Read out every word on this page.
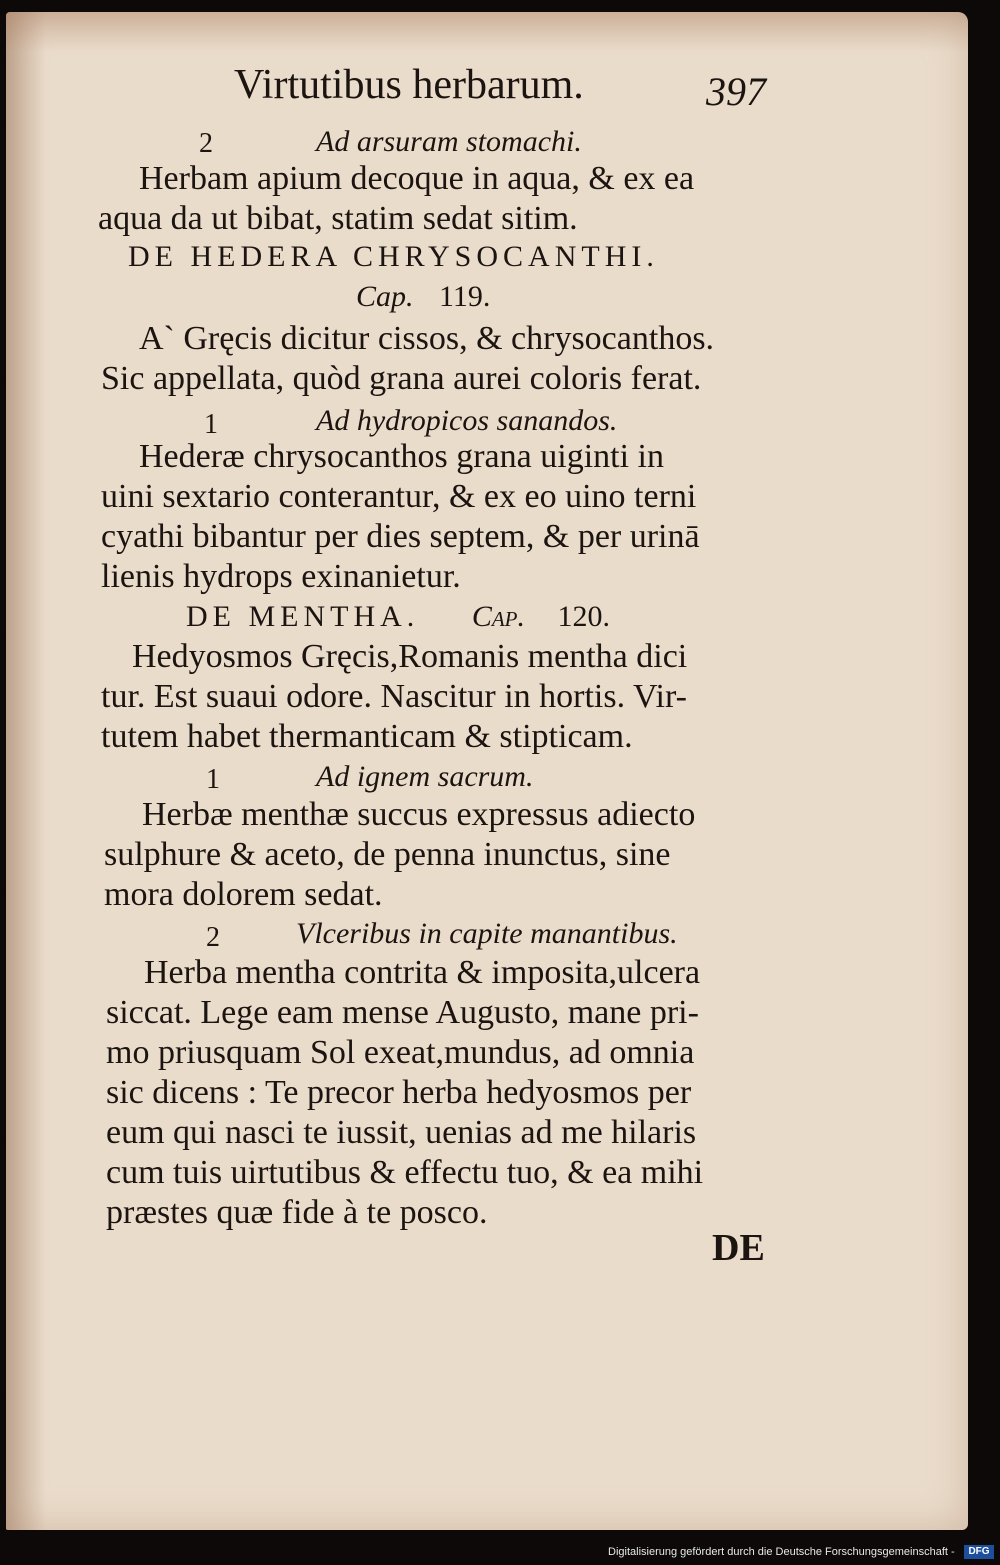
Virtutibus herbarum.	397
2	Ad arsuram stomachi.
Herbam apium decoque in aqua, & ex ea
aqua da ut bibat, statim sedat sitim.
DE HEDERA CHRYSOCANTHI.
Cap. 119.
A` Gręcis dicitur cissos, & chrysocanthos.
Sic appellata, quòd grana aurei coloris ferat.
1	Ad hydropicos sanandos.
Hederæ chrysocanthos grana uiginti in
uini sextario conterantur, & ex eo uino terni
cyathi bibantur per dies septem, & per urinā
lienis hydrops exinanietur.
DE MENTHA. Cap. 120.
Hedyosmos Gręcis,Romanis mentha dici
tur. Est suaui odore. Nascitur in hortis. Vir-
tutem habet thermanticam & stipticam.
1	Ad ignem sacrum.
Herbæ menthæ succus expressus adiecto
sulphure & aceto, de penna inunctus, sine
mora dolorem sedat.
2	Vlceribus in capite manantibus.
Herba mentha contrita & imposita,ulcera
siccat. Lege eam mense Augusto, mane pri-
mo priusquam Sol exeat,mundus, ad omnia
sic dicens : Te precor herba hedyosmos per
eum qui nasci te iussit, uenias ad me hilaris
cum tuis uirtutibus & effectu tuo, & ea mihi
præstes quæ fide à te posco.
DE
Digitalisierung gefördert durch die Deutsche Forschungsgemeinschaft -	DFG
